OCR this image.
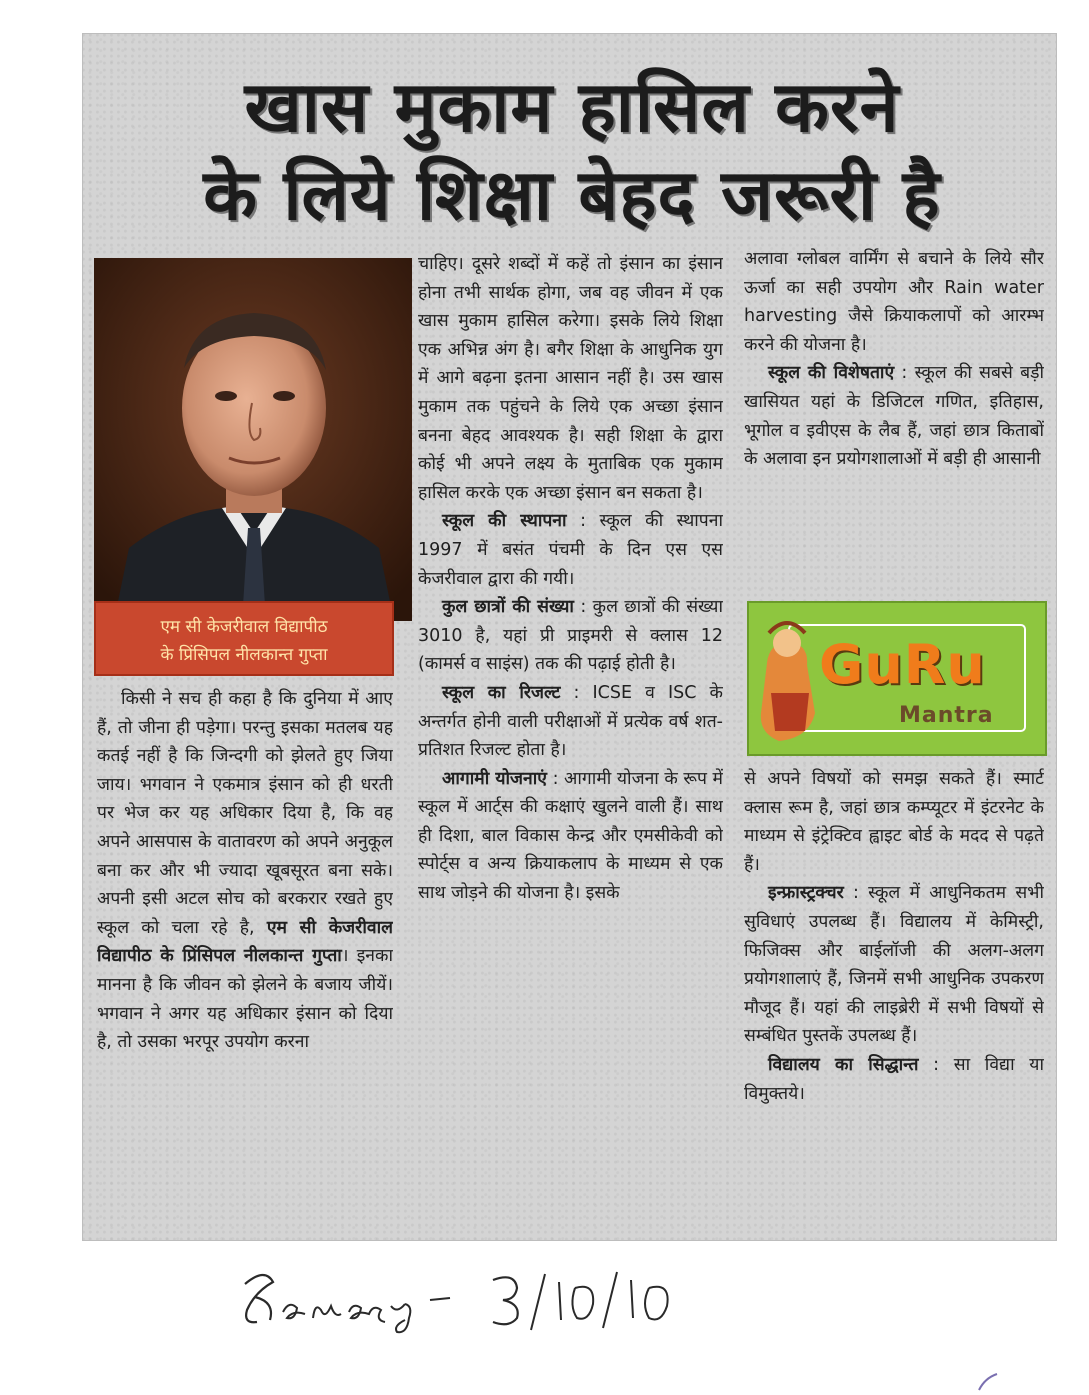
खास मुकाम हासिल करने
के लिये शिक्षा बेहद जरूरी है
एम सी केजरीवाल विद्यापीठ
के प्रिंसिपल नीलकान्त गुप्ता

किसी ने सच ही कहा है कि दुनिया में आए हैं, तो जीना ही पड़ेगा। परन्तु इसका मतलब यह कतई नहीं है कि जिन्दगी को झेलते हुए जिया जाय। भगवान ने एकमात्र इंसान को ही धरती पर भेज कर यह अधिकार दिया है, कि वह अपने आसपास के वातावरण को अपने अनुकूल बना कर और भी ज्यादा खूबसूरत बना सके। अपनी इसी अटल सोच को बरकरार रखते हुए स्कूल को चला रहे है, एम सी केजरीवाल विद्यापीठ के प्रिंसिपल नीलकान्त गुप्ता। इनका मानना है कि जीवन को झेलने के बजाय जीयें। भगवान ने अगर यह अधिकार इंसान को दिया है, तो उसका भरपूर उपयोग करना

चाहिए। दूसरे शब्दों में कहें तो इंसान का इंसान होना तभी सार्थक होगा, जब वह जीवन में एक खास मुकाम हासिल करेगा। इसके लिये शिक्षा एक अभिन्न अंग है। बगैर शिक्षा के आधुनिक युग में आगे बढ़ना इतना आसान नहीं है। उस खास मुकाम तक पहुंचने के लिये एक अच्छा इंसान बनना बेहद आवश्यक है। सही शिक्षा के द्वारा कोई भी अपने लक्ष्य के मुताबिक एक मुकाम हासिल करके एक अच्छा इंसान बन सकता है।

स्कूल की स्थापना : स्कूल की स्थापना 1997 में बसंत पंचमी के दिन एस एस केजरीवाल द्वारा की गयी।

कुल छात्रों की संख्या : कुल छात्रों की संख्या 3010 है, यहां प्री प्राइमरी से क्लास 12 (कामर्स व साइंस) तक की पढ़ाई होती है।

स्कूल का रिजल्ट : ICSE व ISC के अन्तर्गत होनी वाली परीक्षाओं में प्रत्येक वर्ष शत-प्रतिशत रिजल्ट होता है।

आगामी योजनाएं : आगामी योजना के रूप में स्कूल में आर्ट्स की कक्षाएं खुलने वाली हैं। साथ ही दिशा, बाल विकास केन्द्र और एमसीकेवी को स्पोर्ट्स व अन्य क्रियाकलाप के माध्यम से एक साथ जोड़ने की योजना है। इसके

अलावा ग्लोबल वार्मिंग से बचाने के लिये सौर ऊर्जा का सही उपयोग और Rain water harvesting जैसे क्रियाकलापों को आरम्भ करने की योजना है।

स्कूल की विशेषताएं : स्कूल की सबसे बड़ी खासियत यहां के डिजिटल गणित, इतिहास, भूगोल व इवीएस के लैब हैं, जहां छात्र किताबों के अलावा इन प्रयोगशालाओं में बड़ी ही आसानी

GuRu
Mantra

से अपने विषयों को समझ सकते हैं। स्मार्ट क्लास रूम है, जहां छात्र कम्प्यूटर में इंटरनेट के माध्यम से इंट्रेक्टिव ह्वाइट बोर्ड के मदद से पढ़ते हैं।

इन्फ्रास्ट्रक्चर : स्कूल में आधुनिकतम सभी सुविधाएं उपलब्ध हैं। विद्यालय में केमिस्ट्री, फिजिक्स और बाईलॉजी की अलग-अलग प्रयोगशालाएं हैं, जिनमें सभी आधुनिक उपकरण मौजूद हैं। यहां की लाइब्रेरी में सभी विषयों से सम्बंधित पुस्तकें उपलब्ध हैं।

विद्यालय का सिद्धान्त : सा विद्या या विमुक्तये।
